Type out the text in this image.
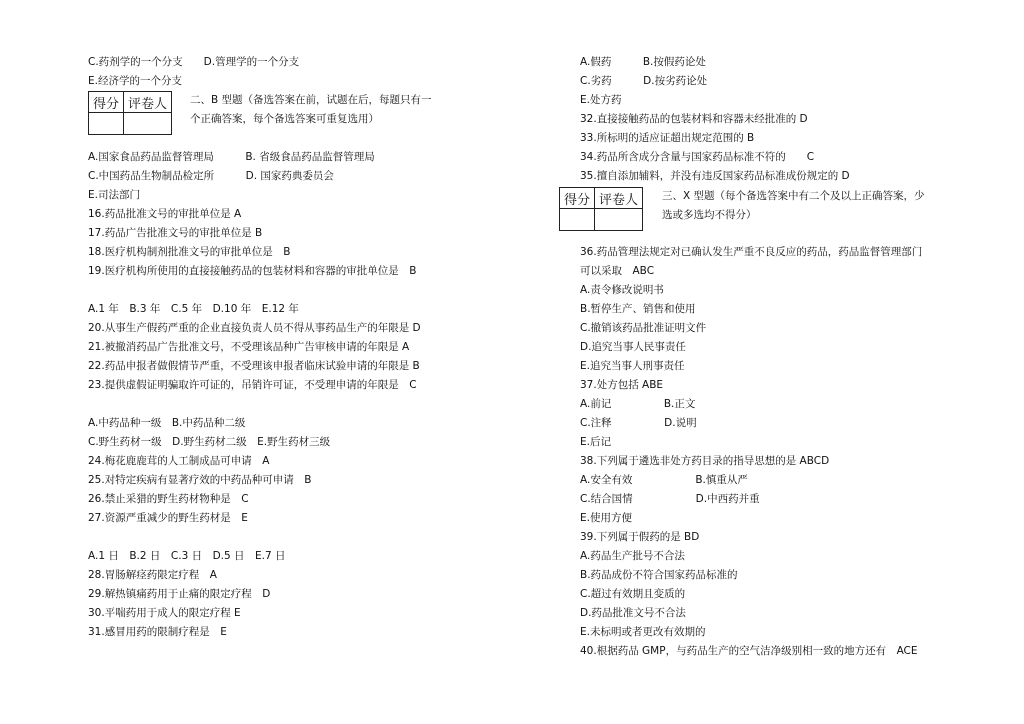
C.药剂学的一个分支　　D.管理学的一个分支
E.经济学的一个分支
得分	评卷人
	二、B 型题（备选答案在前，试题在后，每题只有一
个正确答案，每个备选答案可重复选用）
A.国家食品药品监督管理局　　　B. 省级食品药品监督管理局
C.中国药品生物制品检定所　　　D. 国家药典委员会
E.司法部门
16.药品批准文号的审批单位是 A
17.药品广告批准文号的审批单位是 B
18.医疗机构制剂批准文号的审批单位是　B
19.医疗机构所使用的直接接触药品的包装材料和容器的审批单位是　B
A.1 年　B.3 年　C.5 年　D.10 年　E.12 年
20.从事生产假药严重的企业直接负责人员不得从事药品生产的年限是 D
21.被撤消药品广告批准文号，不受理该品种广告审核申请的年限是 A
22.药品申报者做假情节严重，不受理该申报者临床试验申请的年限是 B
23.提供虚假证明骗取许可证的，吊销许可证，不受理申请的年限是　C
A.中药品种一级　B.中药品种二级
C.野生药材一级　D.野生药材二级　E.野生药材三级
24.梅花鹿鹿茸的人工制成品可申请　A
25.对特定疾病有显著疗效的中药品种可申请　B
26.禁止采猎的野生药材物种是　C
27.资源严重减少的野生药材是　E
A.1 日　B.2 日　C.3 日　D.5 日　E.7 日
28.胃肠解痉药限定疗程　A
29.解热镇痛药用于止痛的限定疗程　D
30.平喘药用于成人的限定疗程 E
31.感冒用药的限制疗程是　E
A.假药　　　B.按假药论处
C.劣药　　　D.按劣药论处
E.处方药
32.直接接触药品的包装材料和容器未经批准的 D
33.所标明的适应证超出规定范围的 B
34.药品所含成分含量与国家药品标准不符的　　C
35.擅自添加辅料，并没有违反国家药品标准成份规定的 D
得分	评卷人
	三、X 型题（每个备选答案中有二个及以上正确答案，少
选或多选均不得分）
36.药品管理法规定对已确认发生严重不良反应的药品，药品监督管理部门
可以采取　ABC
A.责令修改说明书
B.暂停生产、销售和使用
C.撤销该药品批准证明文件
D.追究当事人民事责任
E.追究当事人刑事责任
37.处方包括 ABE
A.前记　　　　　B.正文
C.注释　　　　　D.说明
E.后记
38.下列属于遴选非处方药目录的指导思想的是 ABCD
A.安全有效　　　　　　B.慎重从严
C.结合国情　　　　　　D.中西药并重
E.使用方便
39.下列属于假药的是 BD
A.药品生产批号不合法
B.药品成份不符合国家药品标准的
C.超过有效期且变质的
D.药品批准文号不合法
E.未标明或者更改有效期的
40.根据药品 GMP，与药品生产的空气洁净级别相一致的地方还有　ACE
